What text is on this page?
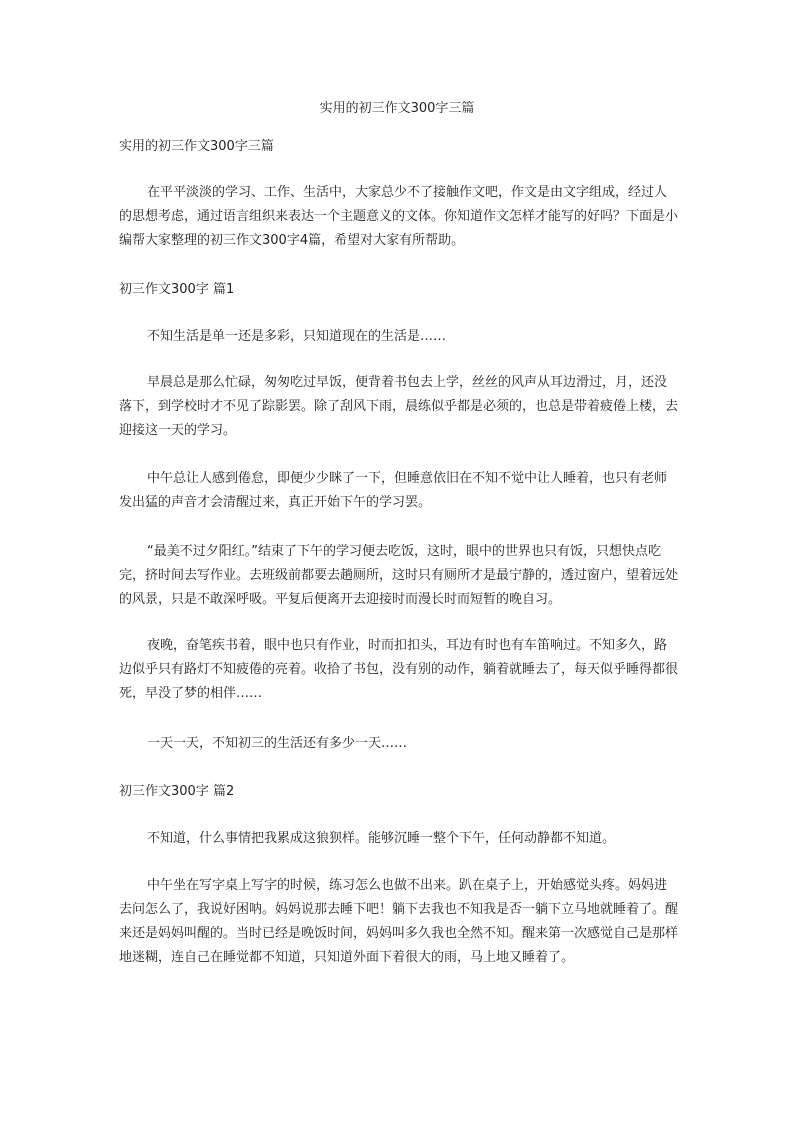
实用的初三作文300字三篇

实用的初三作文300字三篇

在平平淡淡的学习、工作、生活中，大家总少不了接触作文吧，作文是由文字组成，经过人的思想考虑，通过语言组织来表达一个主题意义的文体。你知道作文怎样才能写的好吗？下面是小编帮大家整理的初三作文300字4篇，希望对大家有所帮助。

初三作文300字 篇1

不知生活是单一还是多彩，只知道现在的生活是……

早晨总是那么忙碌，匆匆吃过早饭，便背着书包去上学，丝丝的风声从耳边滑过，月，还没落下，到学校时才不见了踪影罢。除了刮风下雨，晨练似乎都是必须的，也总是带着疲倦上楼，去迎接这一天的学习。

中午总让人感到倦怠，即便少少眯了一下，但睡意依旧在不知不觉中让人睡着，也只有老师发出猛的声音才会清醒过来，真正开始下午的学习罢。

“最美不过夕阳红。”结束了下午的学习便去吃饭，这时，眼中的世界也只有饭，只想快点吃完，挤时间去写作业。去班级前都要去趟厕所，这时只有厕所才是最宁静的，透过窗户，望着远处的风景，只是不敢深呼吸。平复后便离开去迎接时而漫长时而短暂的晚自习。

夜晚，奋笔疾书着，眼中也只有作业，时而扣扣头，耳边有时也有车笛响过。不知多久，路边似乎只有路灯不知疲倦的亮着。收拾了书包，没有别的动作，躺着就睡去了，每天似乎睡得都很死，早没了梦的相伴……

一天一天，不知初三的生活还有多少一天……

初三作文300字 篇2

不知道，什么事情把我累成这狼狈样。能够沉睡一整个下午，任何动静都不知道。

中午坐在写字桌上写字的时候，练习怎么也做不出来。趴在桌子上，开始感觉头疼。妈妈进去问怎么了，我说好困呐。妈妈说那去睡下吧！躺下去我也不知我是否一躺下立马地就睡着了。醒来还是妈妈叫醒的。当时已经是晚饭时间，妈妈叫多久我也全然不知。醒来第一次感觉自己是那样地迷糊，连自己在睡觉都不知道，只知道外面下着很大的雨，马上地又睡着了。
